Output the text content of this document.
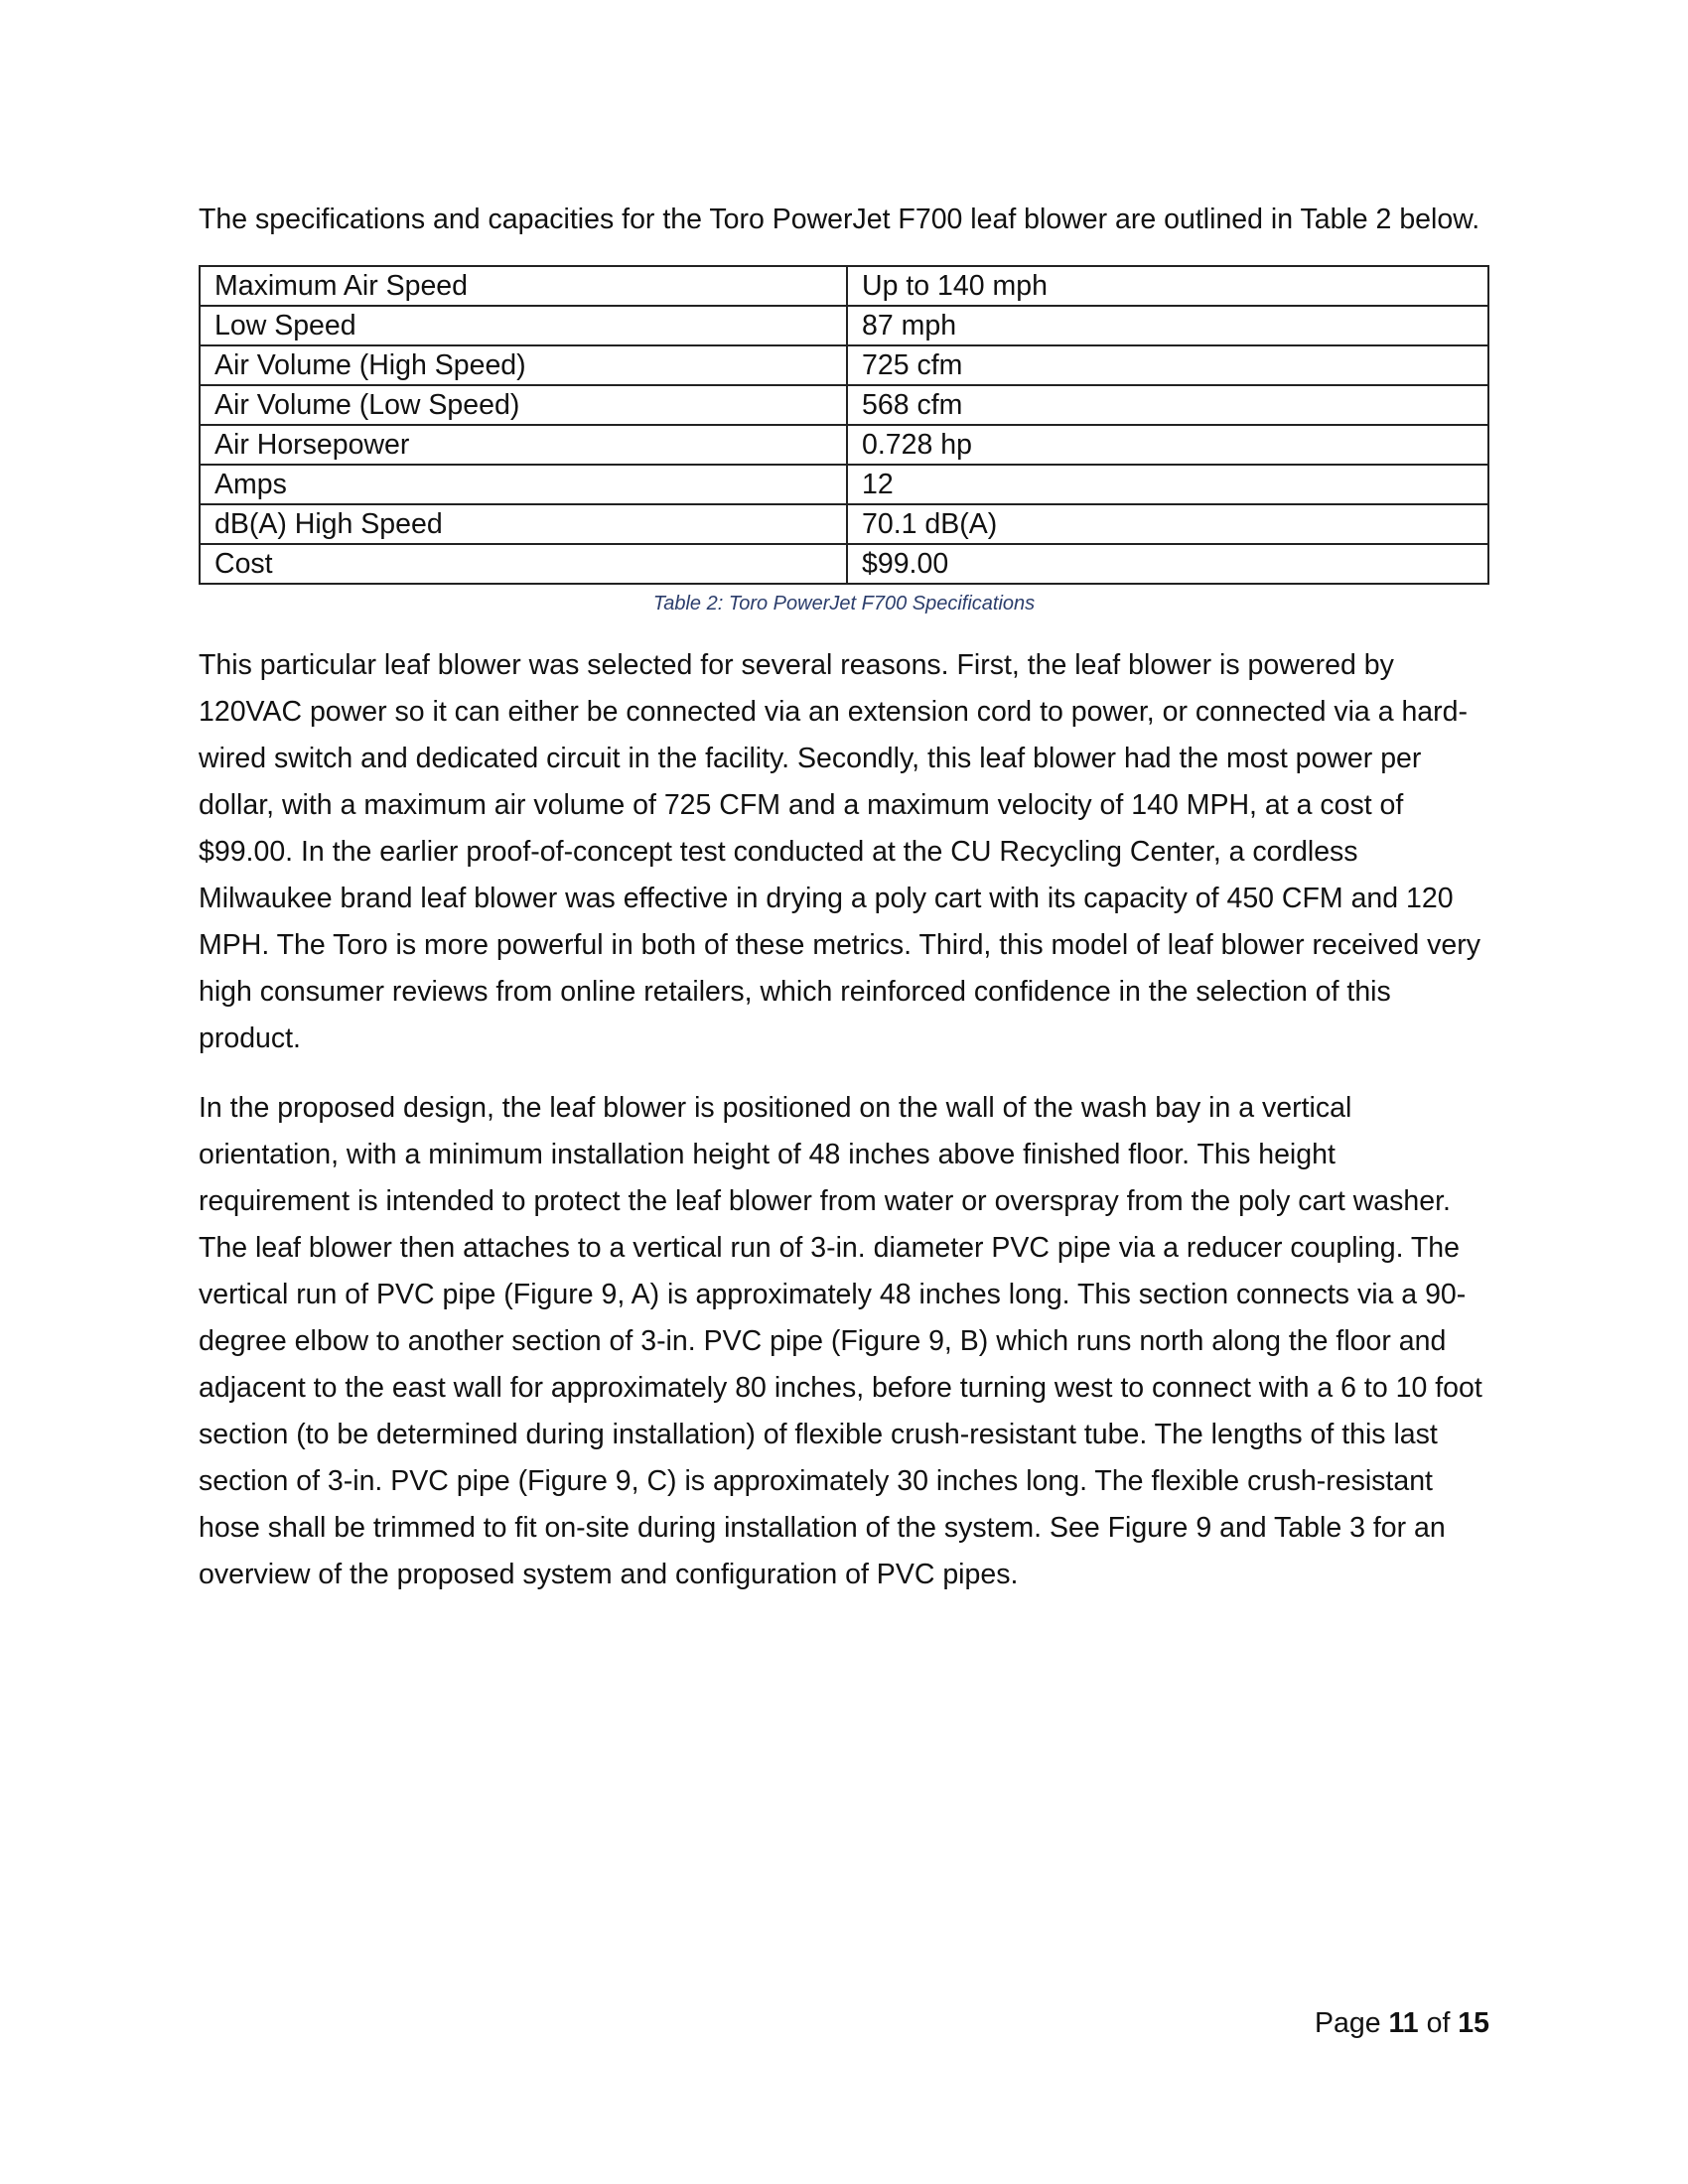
The specifications and capacities for the Toro PowerJet F700 leaf blower are outlined in Table 2 below.

Maximum Air Speed	Up to 140 mph
Low Speed	87 mph
Air Volume (High Speed)	725 cfm
Air Volume (Low Speed)	568 cfm
Air Horsepower	0.728 hp
Amps	12
dB(A) High Speed	70.1 dB(A)
Cost	$99.00
Table 2: Toro PowerJet F700 Specifications

This particular leaf blower was selected for several reasons. First, the leaf blower is powered by 120VAC power so it can either be connected via an extension cord to power, or connected via a hard-wired switch and dedicated circuit in the facility. Secondly, this leaf blower had the most power per dollar, with a maximum air volume of 725 CFM and a maximum velocity of 140 MPH, at a cost of $99.00. In the earlier proof-of-concept test conducted at the CU Recycling Center, a cordless Milwaukee brand leaf blower was effective in drying a poly cart with its capacity of 450 CFM and 120 MPH. The Toro is more powerful in both of these metrics. Third, this model of leaf blower received very high consumer reviews from online retailers, which reinforced confidence in the selection of this product.

In the proposed design, the leaf blower is positioned on the wall of the wash bay in a vertical orientation, with a minimum installation height of 48 inches above finished floor. This height requirement is intended to protect the leaf blower from water or overspray from the poly cart washer. The leaf blower then attaches to a vertical run of 3-in. diameter PVC pipe via a reducer coupling. The vertical run of PVC pipe (Figure 9, A) is approximately 48 inches long. This section connects via a 90-degree elbow to another section of 3-in. PVC pipe (Figure 9, B) which runs north along the floor and adjacent to the east wall for approximately 80 inches, before turning west to connect with a 6 to 10 foot section (to be determined during installation) of flexible crush-resistant tube. The lengths of this last section of 3-in. PVC pipe (Figure 9, C) is approximately 30 inches long. The flexible crush-resistant hose shall be trimmed to fit on-site during installation of the system. See Figure 9 and Table 3 for an overview of the proposed system and configuration of PVC pipes.

Page 11 of 15
